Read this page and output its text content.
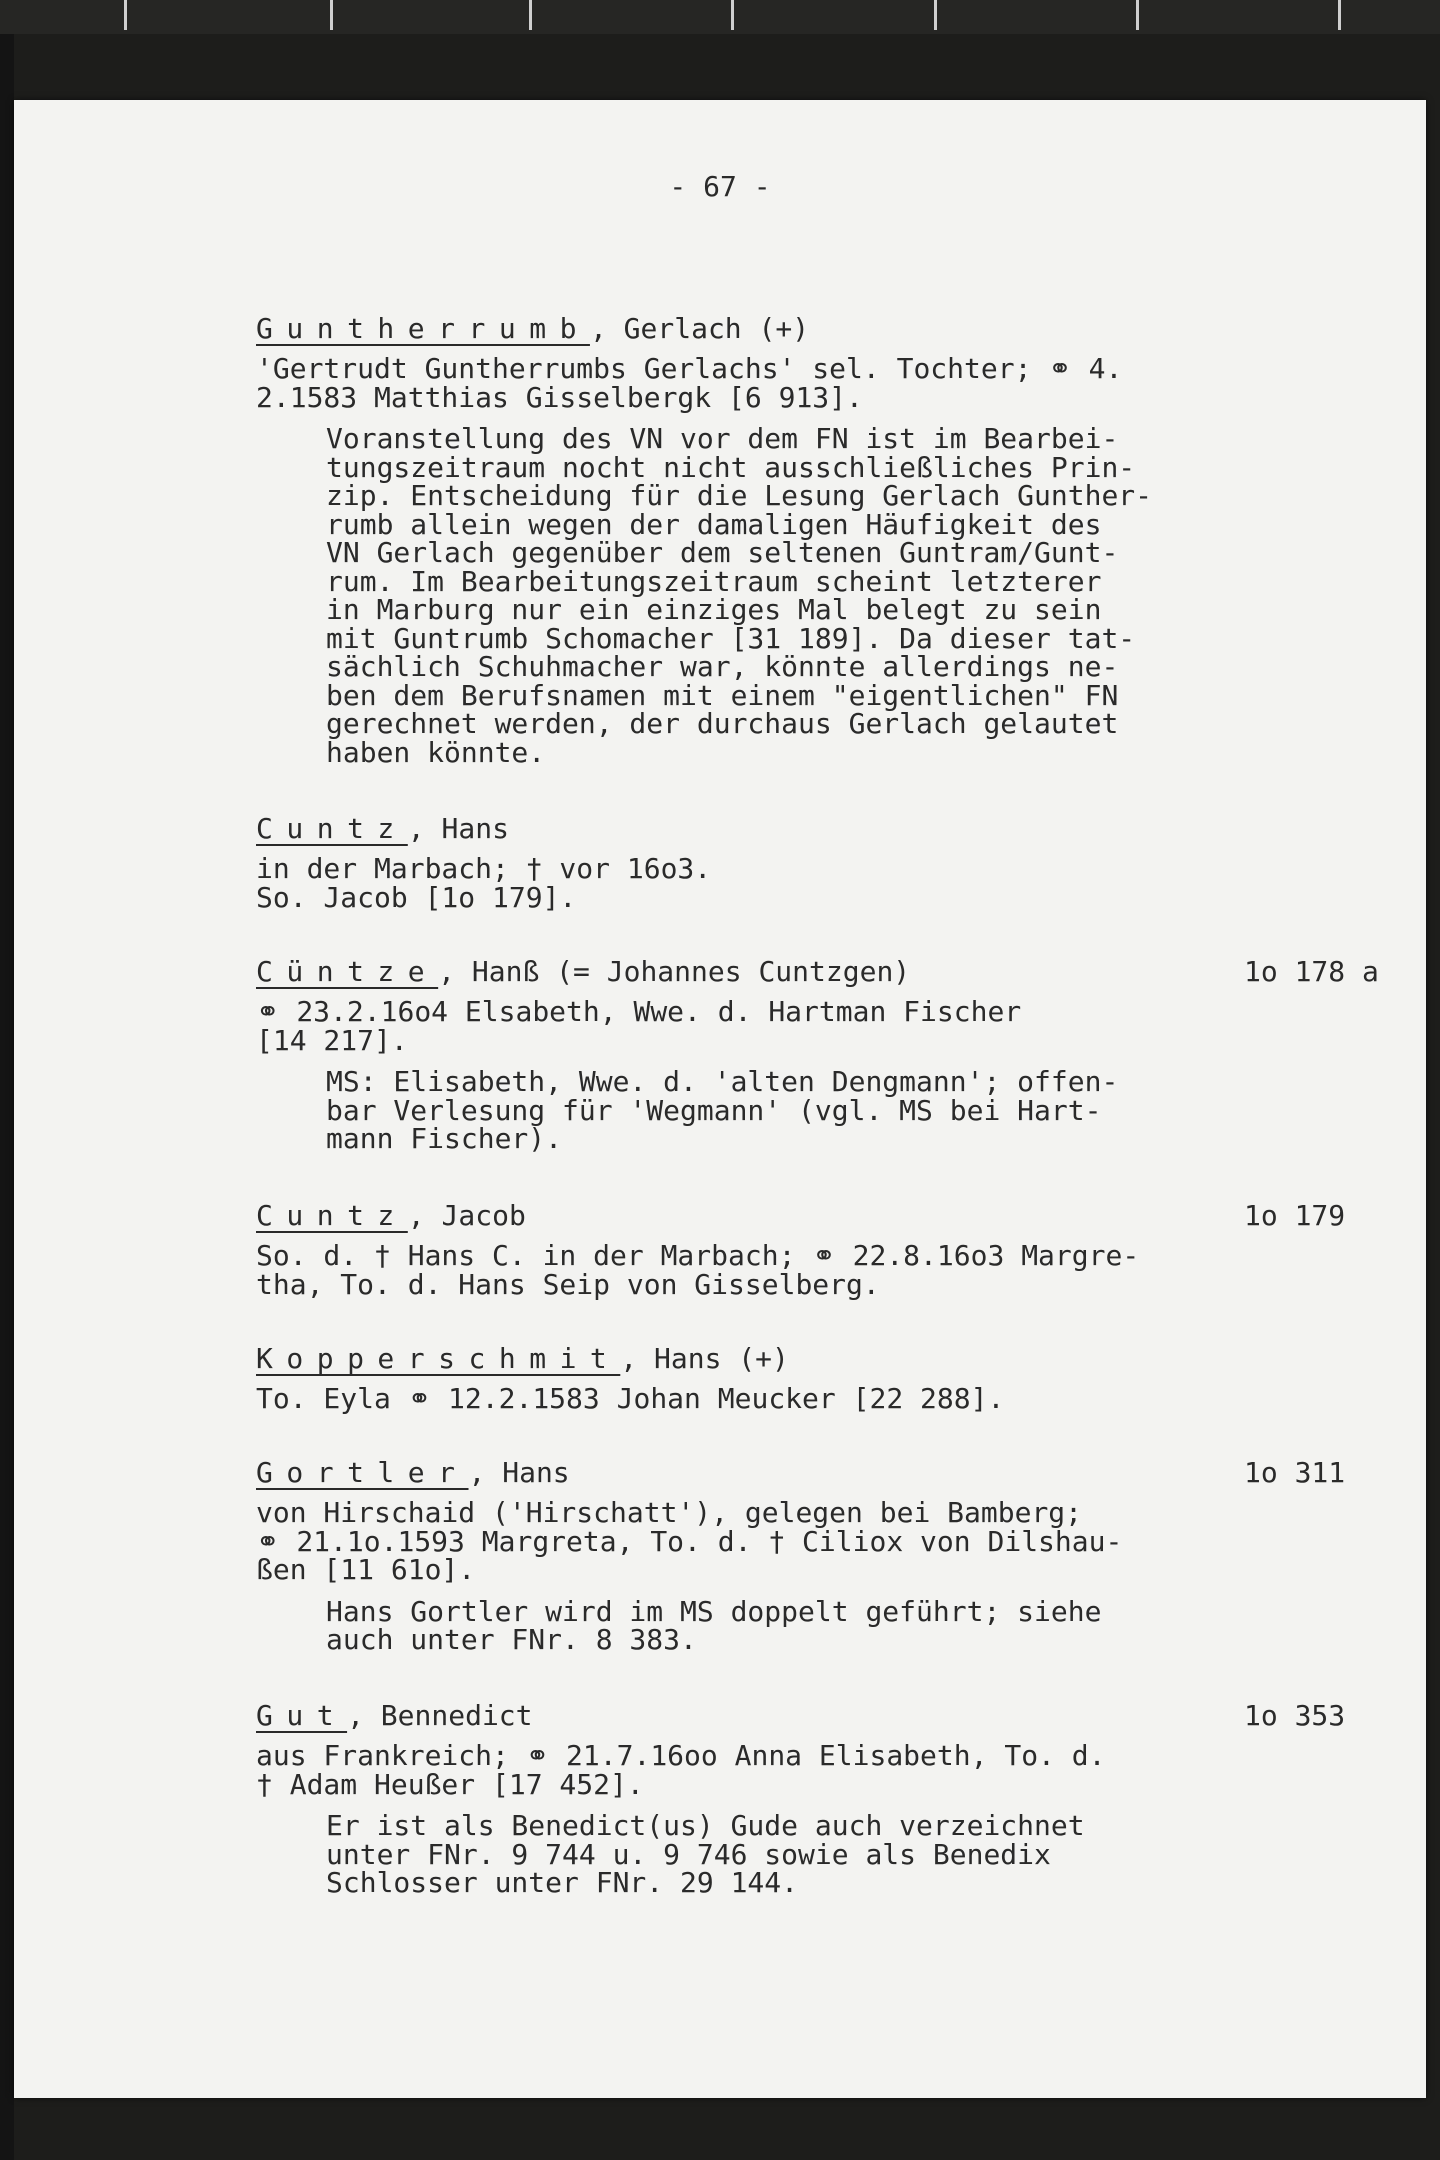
- 67 -
Guntherrumb, Gerlach (+)
'Gertrudt Guntherrumbs Gerlachs' sel. Tochter; ⚭ 4.
2.1583 Matthias Gisselbergk [6 913].
Voranstellung des VN vor dem FN ist im Bearbei-
tungszeitraum nocht nicht ausschließliches Prin-
zip. Entscheidung für die Lesung Gerlach Gunther-
rumb allein wegen der damaligen Häufigkeit des
VN Gerlach gegenüber dem seltenen Guntram/Gunt-
rum. Im Bearbeitungszeitraum scheint letzterer
in Marburg nur ein einziges Mal belegt zu sein
mit Guntrumb Schomacher [31 189]. Da dieser tat-
sächlich Schuhmacher war, könnte allerdings ne-
ben dem Berufsnamen mit einem "eigentlichen" FN
gerechnet werden, der durchaus Gerlach gelautet
haben könnte.
Cuntz, Hans
in der Marbach; † vor 16o3.
So. Jacob [1o 179].
Cüntze, Hanß (= Johannes Cuntzgen)	1o 178 a
⚭ 23.2.16o4 Elsabeth, Wwe. d. Hartman Fischer
[14 217].
MS: Elisabeth, Wwe. d. 'alten Dengmann'; offen-
bar Verlesung für 'Wegmann' (vgl. MS bei Hart-
mann Fischer).
Cuntz, Jacob	1o 179
So. d. † Hans C. in der Marbach; ⚭ 22.8.16o3 Margre-
tha, To. d. Hans Seip von Gisselberg.
Kopperschmit, Hans (+)
To. Eyla ⚭ 12.2.1583 Johan Meucker [22 288].
Gortler, Hans	1o 311
von Hirschaid ('Hirschatt'), gelegen bei Bamberg;
⚭ 21.1o.1593 Margreta, To. d. † Ciliox von Dilshau-
ßen [11 61o].
Hans Gortler wird im MS doppelt geführt; siehe
auch unter FNr. 8 383.
Gut, Bennedict	1o 353
aus Frankreich; ⚭ 21.7.16oo Anna Elisabeth, To. d.
† Adam Heußer [17 452].
Er ist als Benedict(us) Gude auch verzeichnet
unter FNr. 9 744 u. 9 746 sowie als Benedix
Schlosser unter FNr. 29 144.
